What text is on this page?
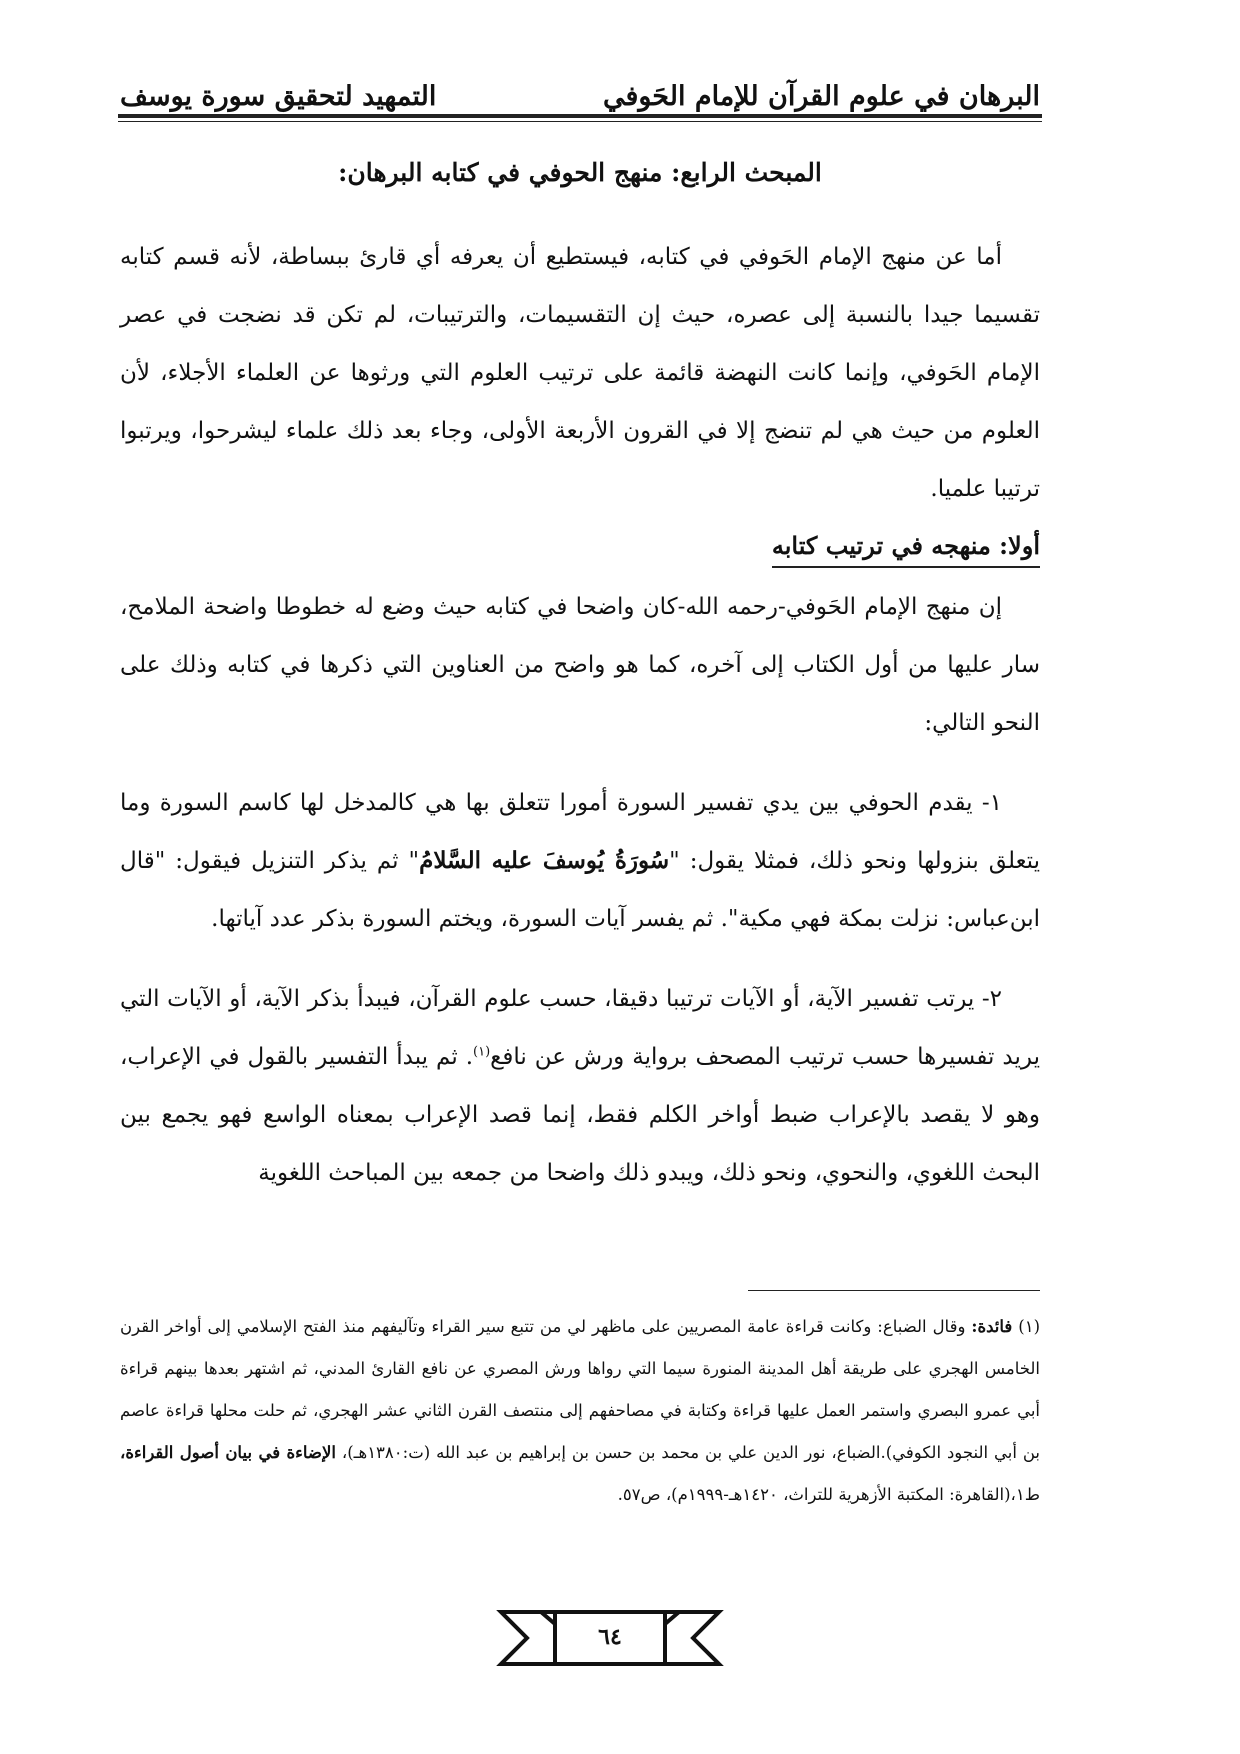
البرهان في علوم القرآن للإمام الحَوفي
التمهيد لتحقيق سورة يوسف
المبحث الرابع: منهج الحوفي في كتابه البرهان:

أما عن منهج الإمام الحَوفي في كتابه، فيستطيع أن يعرفه أي قارئ ببساطة، لأنه قسم كتابه تقسيما جيدا بالنسبة إلى عصره، حيث إن التقسيمات، والترتيبات، لم تكن قد نضجت في عصر الإمام الحَوفي، وإنما كانت النهضة قائمة على ترتيب العلوم التي ورثوها عن العلماء الأجلاء، لأن العلوم من حيث هي لم تنضج إلا في القرون الأربعة الأولى، وجاء بعد ذلك علماء ليشرحوا، ويرتبوا ترتيبا علميا.

أولا: منهجه في ترتيب كتابه

إن منهج الإمام الحَوفي-رحمه الله-كان واضحا في كتابه حيث وضع له خطوطا واضحة الملامح، سار عليها من أول الكتاب إلى آخره، كما هو واضح من العناوين التي ذكرها في كتابه وذلك على النحو التالي:

١- يقدم الحوفي بين يدي تفسير السورة أمورا تتعلق بها هي كالمدخل لها كاسم السورة وما يتعلق بنزولها ونحو ذلك، فمثلا يقول: "سُورَةُ يُوسفَ عليه السَّلامُ" ثم يذكر التنزيل فيقول: "قال ابن‌عباس: نزلت بمكة فهي مكية". ثم يفسر آيات السورة، ويختم السورة بذكر عدد آياتها.

٢- يرتب تفسير الآية، أو الآيات ترتيبا دقيقا، حسب علوم القرآن، فيبدأ بذكر الآية، أو الآيات التي يريد تفسيرها حسب ترتيب المصحف برواية ورش عن نافع$^{(١)}$. ثم يبدأ التفسير بالقول في الإعراب، وهو لا يقصد بالإعراب ضبط أواخر الكلم فقط، إنما قصد الإعراب بمعناه الواسع فهو يجمع بين البحث اللغوي، والنحوي، ونحو ذلك، ويبدو ذلك واضحا من جمعه بين المباحث اللغوية

(١) فائدة: وقال الضباع: وكانت قراءة عامة المصريين على ماظهر لي من تتبع سير القراء وتآليفهم منذ الفتح الإسلامي إلى أواخر القرن الخامس الهجري على طريقة أهل المدينة المنورة سيما التي رواها ورش المصري عن نافع القارئ المدني، ثم اشتهر بعدها بينهم قراءة أبي عمرو البصري واستمر العمل عليها قراءة وكتابة في مصاحفهم إلى منتصف القرن الثاني عشر الهجري، ثم حلت محلها قراءة عاصم بن أبي النجود الكوفي).الضباع، نور الدين علي بن محمد بن حسن بن إبراهيم بن عبد الله (ت:١٣٨٠هـ)، الإضاءة في بيان أصول القراءة، ط١،(القاهرة: المكتبة الأزهرية للتراث، ١٤٢٠هـ-١٩٩٩م)، ص٥٧.

٦٤
